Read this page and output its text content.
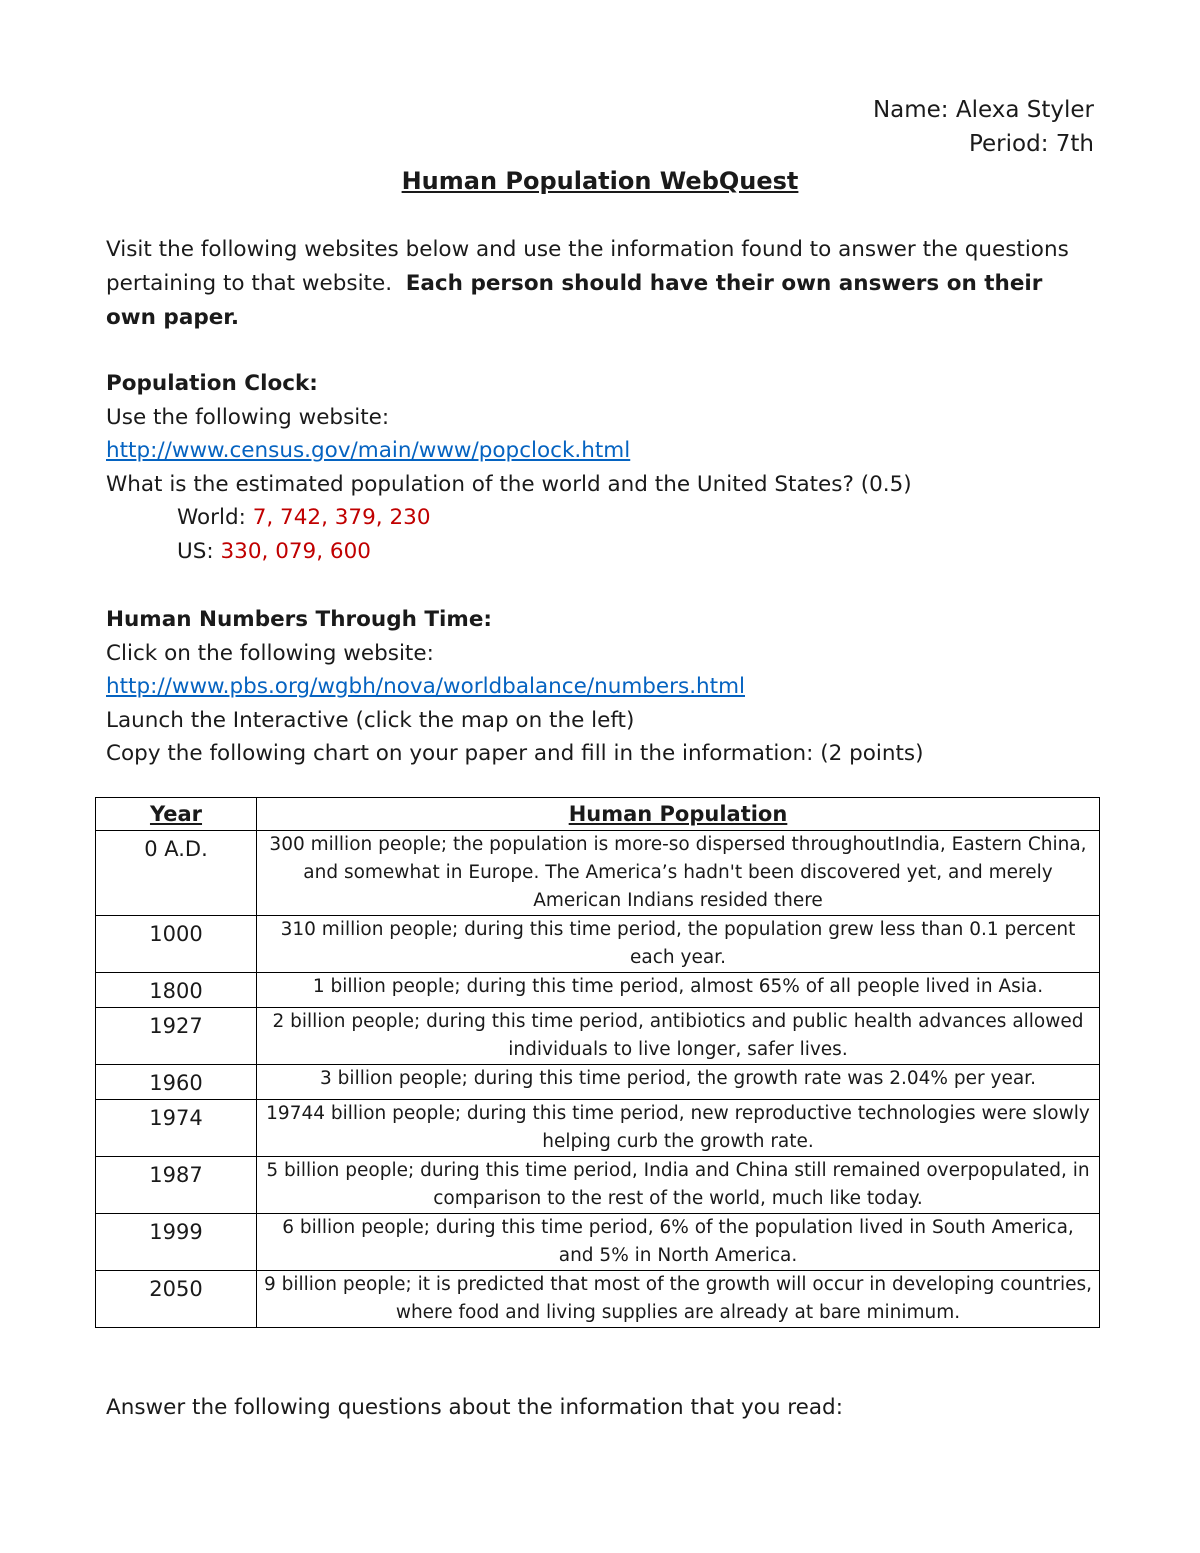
Name: Alexa Styler
Period: 7th
Human Population WebQuest
Visit the following websites below and use the information found to answer the questions pertaining to that website. Each person should have their own answers on their own paper.
Population Clock:
Use the following website:
http://www.census.gov/main/www/popclock.html
What is the estimated population of the world and the United States? (0.5)
World: 7, 742, 379, 230
US: 330, 079, 600
Human Numbers Through Time:
Click on the following website:
http://www.pbs.org/wgbh/nova/worldbalance/numbers.html
Launch the Interactive (click the map on the left)
Copy the following chart on your paper and fill in the information: (2 points)
Year	Human Population
0 A.D.	300 million people; the population is more-so dispersed throughoutIndia, Eastern China, and somewhat in Europe. The America’s hadn't been discovered yet, and merely American Indians resided there
1000	310 million people; during this time period, the population grew less than 0.1 percent each year.
1800	1 billion people; during this time period, almost 65% of all people lived in Asia.
1927	2 billion people; during this time period, antibiotics and public health advances allowed individuals to live longer, safer lives.
1960	3 billion people; during this time period, the growth rate was 2.04% per year.
1974	19744 billion people; during this time period, new reproductive technologies were slowly helping curb the growth rate.
1987	5 billion people; during this time period, India and China still remained overpopulated, in comparison to the rest of the world, much like today.
1999	6 billion people; during this time period, 6% of the population lived in South America, and 5% in North America.
2050	9 billion people; it is predicted that most of the growth will occur in developing countries, where food and living supplies are already at bare minimum.
Answer the following questions about the information that you read:
